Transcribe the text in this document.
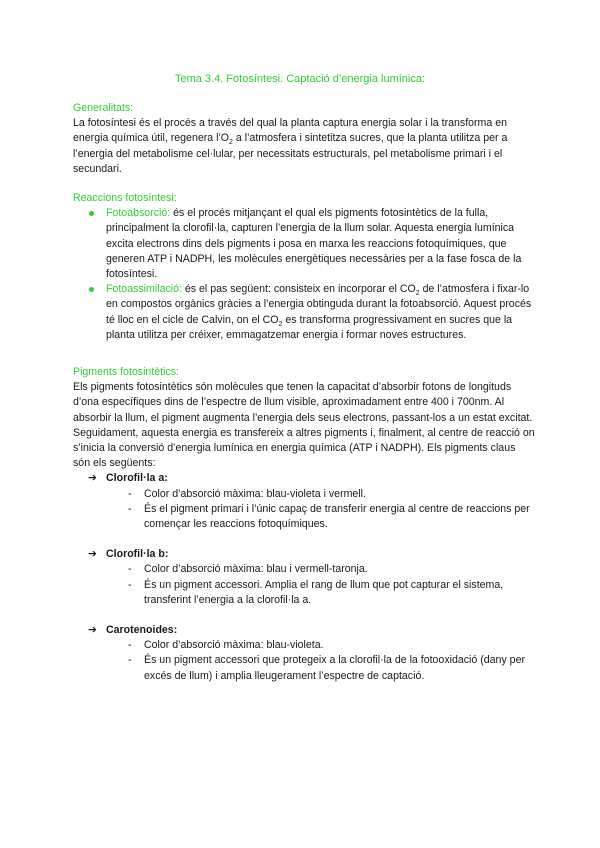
Tema 3.4. Fotosíntesi. Captació d’energia lumínica:
Generalitats:

La fotosíntesi és el procés a través del qual la planta captura energia solar i la transforma en energia química útil, regenera $l’O_2$ a l’atmosfera i sintetitza sucres, que la planta utilitza per a l’energia del metabolisme cel·lular, per necessitats estructurals, pel metabolisme primari i el secundari.

Reaccions fotosíntesi:
Fotoabsorció: és el procés mitjançant el qual els pigments fotosintètics de la fulla, principalment la clorofil·la, capturen l’energia de la llum solar. Aquesta energia lumínica excita electrons dins dels pigments i posa en marxa les reaccions fotoquímiques, que generen ATP i NADPH, les molècules energètiques necessàries per a la fase fosca de la fotosíntesi.
Fotoassimilació: és el pas següent: consisteix en incorporar el $CO_2$ de l’atmosfera i fixar-lo en compostos orgànics gràcies a l’energia obtinguda durant la fotoabsorció. Aquest procés té lloc en el cicle de Calvin, on el $CO_2$ es transforma progressivament en sucres que la planta utilitza per créixer, emmagatzemar energia i formar noves estructures.
Pigments fotosintètics:

Els pigments fotosintètics són molècules que tenen la capacitat d’absorbir fotons de longituds d’ona específiques dins de l’espectre de llum visible, aproximadament entre 400 i 700nm. Al absorbir la llum, el pigment augmenta l’energia dels seus electrons, passant-los a un estat excitat. Seguidament, aquesta energia es transfereix a altres pigments i, finalment, al centre de reacció on s’inicia la conversió d’energia lumínica en energia química (ATP i NADPH). Els pigments claus són els següents:

➔ Clorofil·la a:
- Color d’absorció màxima: blau-violeta i vermell.
- És el pigment primari i l’únic capaç de transferir energia al centre de reaccions per començar les reaccions fotoquímiques.
➔ Clorofil·la b:
- Color d’absorció màxima: blau i vermell-taronja.
- És un pigment accessori. Amplia el rang de llum que pot capturar el sistema, transferint l’energia a la clorofil·la a.
➔ Carotenoides:
- Color d’absorció màxima: blau-violeta.
- És un pigment accessori que protegeix a la clorofil·la de la fotooxidació (dany per excés de llum) i amplia lleugerament l’espectre de captació.
